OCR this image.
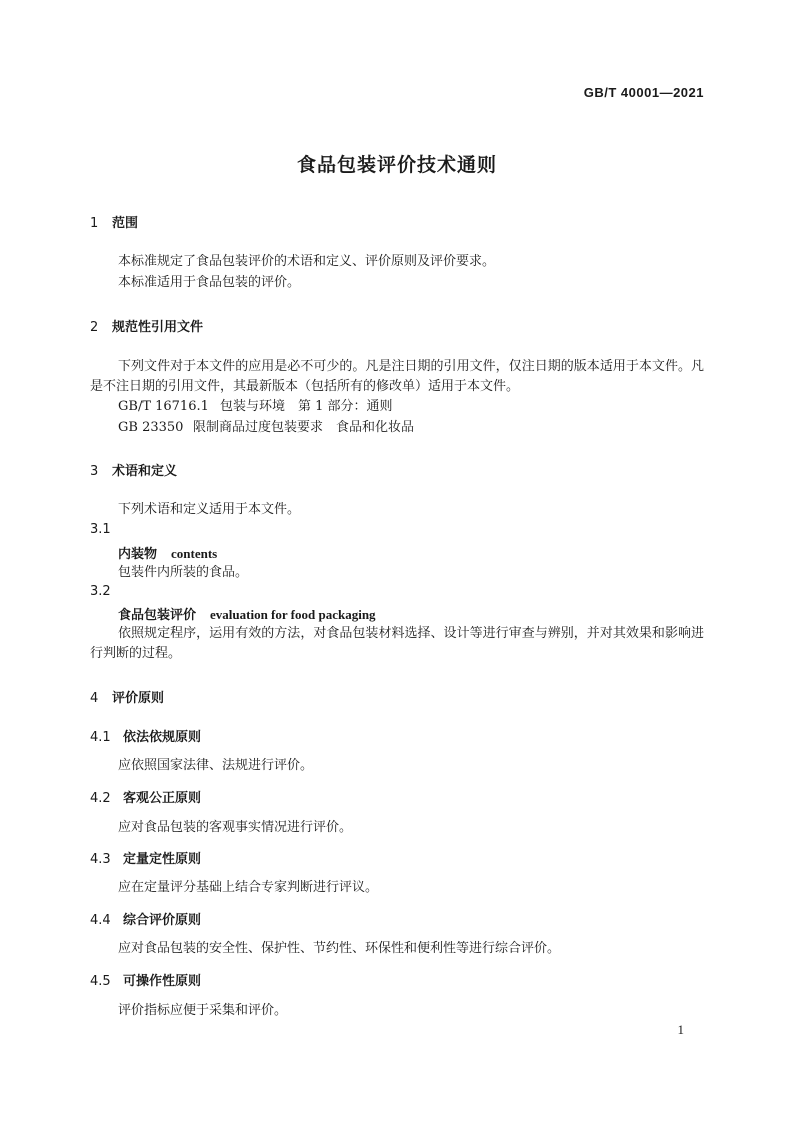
GB/T 40001—2021
食品包装评价技术通则
1 范围
本标准规定了食品包装评价的术语和定义、评价原则及评价要求。
本标准适用于食品包装的评价。
2 规范性引用文件
下列文件对于本文件的应用是必不可少的。凡是注日期的引用文件，仅注日期的版本适用于本文件。凡是不注日期的引用文件，其最新版本（包括所有的修改单）适用于本文件。
GB/T 16716.1 包装与环境　第 1 部分：通则
GB 23350 限制商品过度包装要求　食品和化妆品
3 术语和定义
下列术语和定义适用于本文件。
3.1
内装物 contents
包装件内所装的食品。
3.2
食品包装评价 evaluation for food packaging
依照规定程序，运用有效的方法，对食品包装材料选择、设计等进行审查与辨别，并对其效果和影响进行判断的过程。
4 评价原则
4.1 依法依规原则
应依照国家法律、法规进行评价。
4.2 客观公正原则
应对食品包装的客观事实情况进行评价。
4.3 定量定性原则
应在定量评分基础上结合专家判断进行评议。
4.4 综合评价原则
应对食品包装的安全性、保护性、节约性、环保性和便利性等进行综合评价。
4.5 可操作性原则
评价指标应便于采集和评价。
1
